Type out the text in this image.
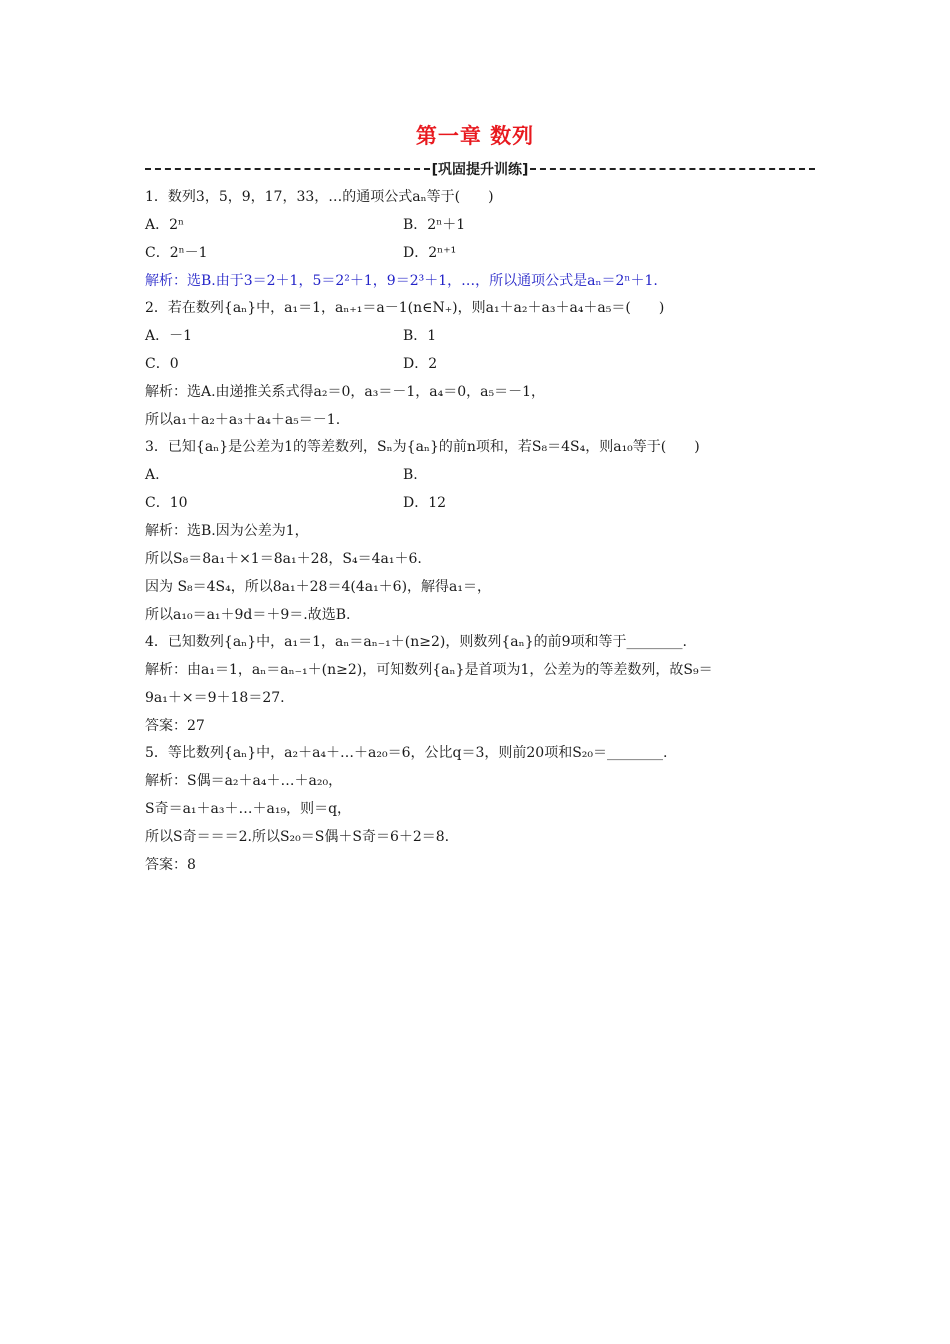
第一章 数列
[巩固提升训练]
1．数列3，5，9，17，33，…的通项公式aₙ等于(　　)
A．2ⁿ	B．2ⁿ＋1
C．2ⁿ－1	D．2ⁿ⁺¹
解析：选B.由于3＝2＋1，5＝2²＋1，9＝2³＋1，…，所以通项公式是aₙ＝2ⁿ＋1.
2．若在数列{aₙ}中，a₁＝1，aₙ₊₁＝a－1(n∈N₊)，则a₁＋a₂＋a₃＋a₄＋a₅＝(　　)
A．－1	B．1
C．0	D．2
解析：选A.由递推关系式得a₂＝0，a₃＝－1，a₄＝0，a₅＝－1，
所以a₁＋a₂＋a₃＋a₄＋a₅＝－1.
3．已知{aₙ}是公差为1的等差数列，Sₙ为{aₙ}的前n项和，若S₈＝4S₄，则a₁₀等于(　　)
A.	B.
C．10	D．12
解析：选B.因为公差为1，
所以S₈＝8a₁＋×1＝8a₁＋28，S₄＝4a₁＋6.
因为 S₈＝4S₄，所以8a₁＋28＝4(4a₁＋6)，解得a₁＝，
所以a₁₀＝a₁＋9d＝＋9＝.故选B.
4．已知数列{aₙ}中，a₁＝1，aₙ＝aₙ₋₁＋(n≥2)，则数列{aₙ}的前9项和等于________.
解析：由a₁＝1，aₙ＝aₙ₋₁＋(n≥2)，可知数列{aₙ}是首项为1，公差为的等差数列，故S₉＝
9a₁＋×＝9＋18＝27.
答案：27
5．等比数列{aₙ}中，a₂＋a₄＋…＋a₂₀＝6，公比q＝3，则前20项和S₂₀＝________.
解析：S偶＝a₂＋a₄＋…＋a₂₀，
S奇＝a₁＋a₃＋…＋a₁₉，则＝q，
所以S奇＝＝＝2.所以S₂₀＝S偶＋S奇＝6＋2＝8.
答案：8
